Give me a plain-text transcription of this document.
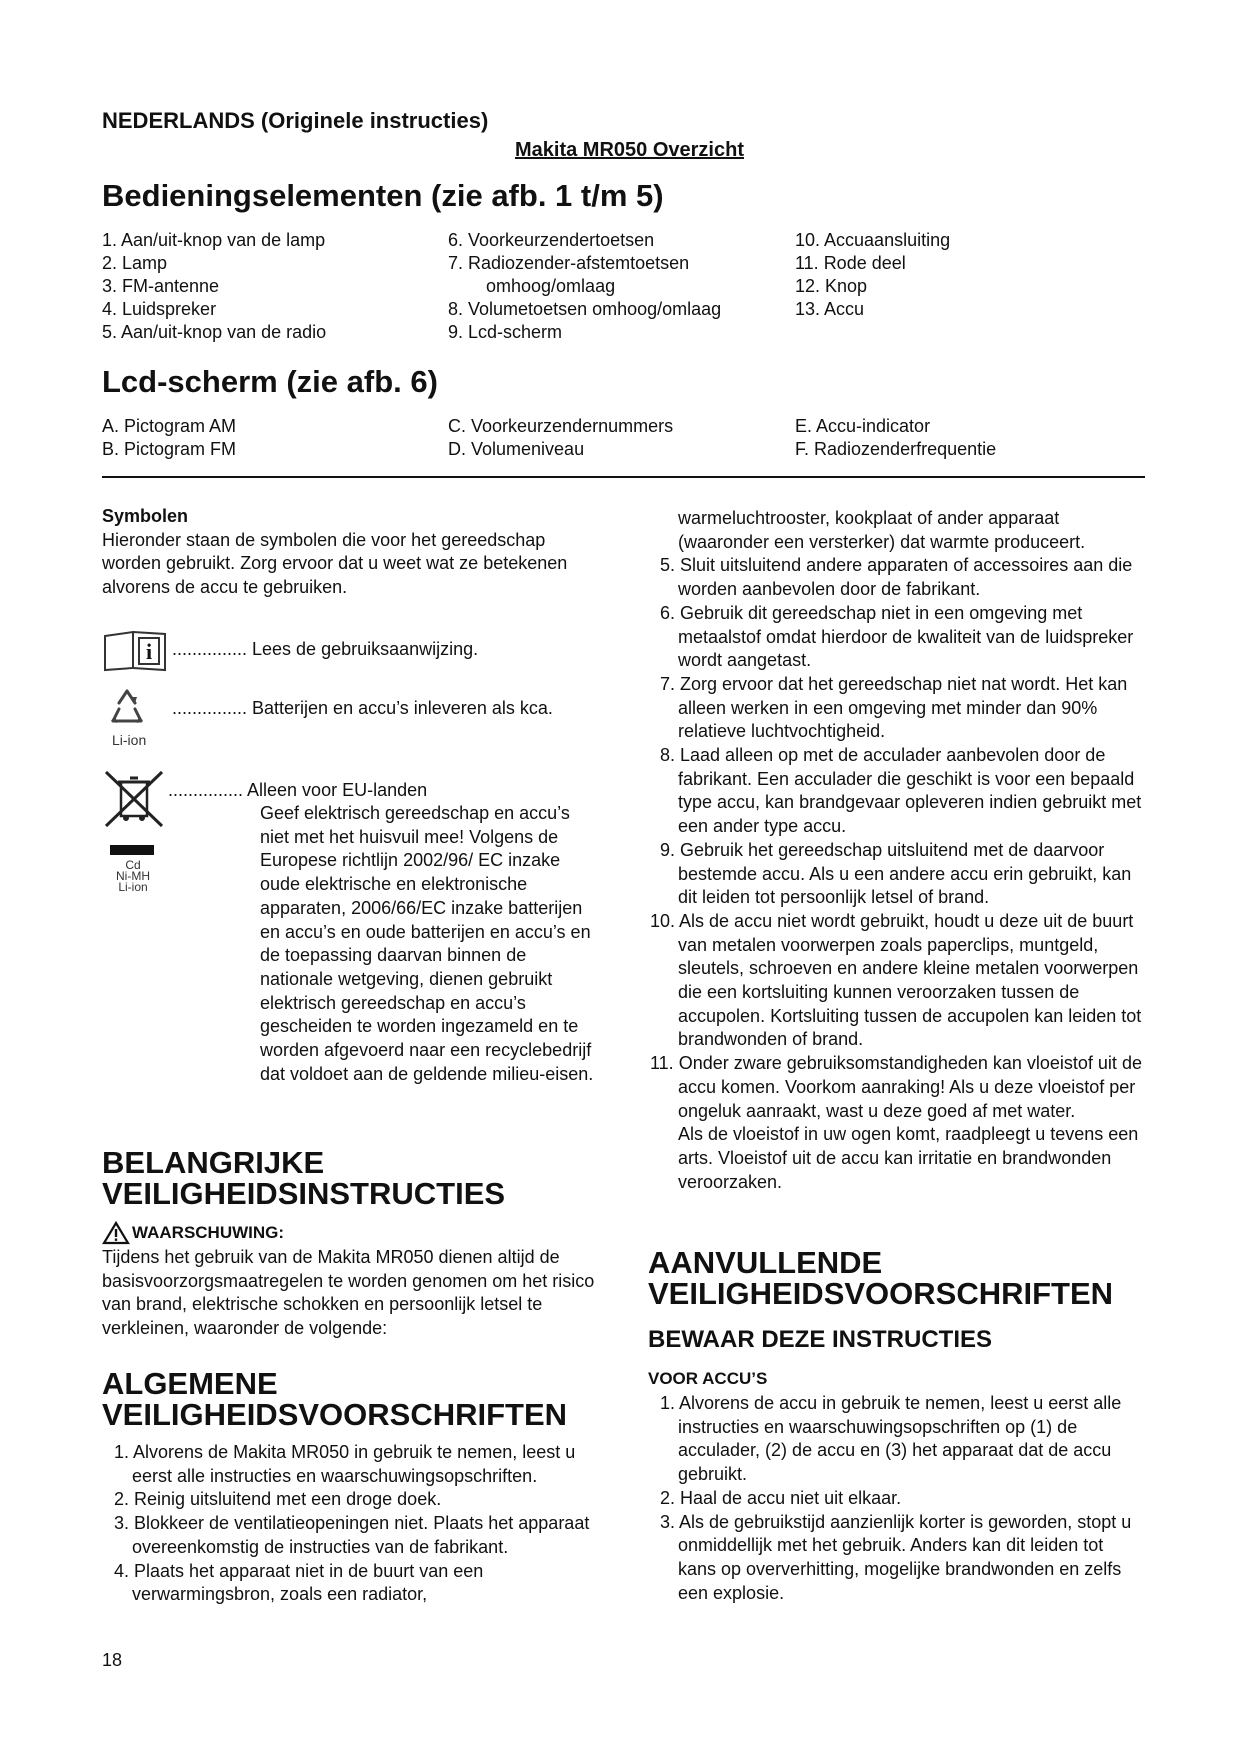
NEDERLANDS (Originele instructies)
Makita MR050 Overzicht
Bedieningselementen (zie afb. 1 t/m 5)
1. Aan/uit-knop van de lamp
2. Lamp
3. FM-antenne
4. Luidspreker
5. Aan/uit-knop van de radio
6. Voorkeurzendertoetsen
7. Radiozender-afstemtoetsen
omhoog/omlaag
8. Volumetoetsen omhoog/omlaag
9. Lcd-scherm
10. Accuaansluiting
11. Rode deel
12. Knop
13. Accu
Lcd-scherm (zie afb. 6)
A. Pictogram AM
B. Pictogram FM
C. Voorkeurzendernummers
D. Volumeniveau
E. Accu-indicator
F. Radiozenderfrequentie
Symbolen
Hieronder staan de symbolen die voor het gereedschap worden gebruikt. Zorg ervoor dat u weet wat ze betekenen alvorens de accu te gebruiken.
i ............... Lees de gebruiksaanwijzing.
Li-ion
............... Batterijen en accu’s inleveren als kca.
Cd
Ni-MH
Li-ion
............... Alleen voor EU-landen
Geef elektrisch gereedschap en accu’s niet met het huisvuil mee! Volgens de Europese richtlijn 2002/96/ EC inzake oude elektrische en elektronische apparaten, 2006/66/EC inzake batterijen en accu’s en oude batterijen en accu’s en de toepassing daarvan binnen de nationale wetgeving, dienen gebruikt elektrisch gereedschap en accu’s gescheiden te worden ingezameld en te worden afgevoerd naar een recyclebedrijf dat voldoet aan de geldende milieu-eisen.
BELANGRIJKE
VEILIGHEIDSINSTRUCTIES
WAARSCHUWING:
Tijdens het gebruik van de Makita MR050 dienen altijd de basisvoorzorgsmaatregelen te worden genomen om het risico van brand, elektrische schokken en persoonlijk letsel te verkleinen, waaronder de volgende:
ALGEMENE
VEILIGHEIDSVOORSCHRIFTEN
1. Alvorens de Makita MR050 in gebruik te nemen, leest u eerst alle instructies en waarschuwingsopschriften.
2. Reinig uitsluitend met een droge doek.
3. Blokkeer de ventilatieopeningen niet. Plaats het apparaat overeenkomstig de instructies van de fabrikant.
4. Plaats het apparaat niet in de buurt van een verwarmingsbron, zoals een radiator,
18
warmeluchtrooster, kookplaat of ander apparaat (waaronder een versterker) dat warmte produceert.
5. Sluit uitsluitend andere apparaten of accessoires aan die worden aanbevolen door de fabrikant.
6. Gebruik dit gereedschap niet in een omgeving met metaalstof omdat hierdoor de kwaliteit van de luidspreker wordt aangetast.
7. Zorg ervoor dat het gereedschap niet nat wordt. Het kan alleen werken in een omgeving met minder dan 90% relatieve luchtvochtigheid.
8. Laad alleen op met de acculader aanbevolen door de fabrikant. Een acculader die geschikt is voor een bepaald type accu, kan brandgevaar opleveren indien gebruikt met een ander type accu.
9. Gebruik het gereedschap uitsluitend met de daarvoor bestemde accu. Als u een andere accu erin gebruikt, kan dit leiden tot persoonlijk letsel of brand.
10. Als de accu niet wordt gebruikt, houdt u deze uit de buurt van metalen voorwerpen zoals paperclips, muntgeld, sleutels, schroeven en andere kleine metalen voorwerpen die een kortsluiting kunnen veroorzaken tussen de accupolen. Kortsluiting tussen de accupolen kan leiden tot brandwonden of brand.
11. Onder zware gebruiksomstandigheden kan vloeistof uit de accu komen. Voorkom aanraking! Als u deze vloeistof per ongeluk aanraakt, wast u deze goed af met water.
Als de vloeistof in uw ogen komt, raadpleegt u tevens een arts. Vloeistof uit de accu kan irritatie en brandwonden veroorzaken.
AANVULLENDE
VEILIGHEIDSVOORSCHRIFTEN
BEWAAR DEZE INSTRUCTIES
VOOR ACCU’S
1. Alvorens de accu in gebruik te nemen, leest u eerst alle instructies en waarschuwingsopschriften op (1) de acculader, (2) de accu en (3) het apparaat dat de accu gebruikt.
2. Haal de accu niet uit elkaar.
3. Als de gebruikstijd aanzienlijk korter is geworden, stopt u onmiddellijk met het gebruik. Anders kan dit leiden tot kans op oververhitting, mogelijke brandwonden en zelfs een explosie.
